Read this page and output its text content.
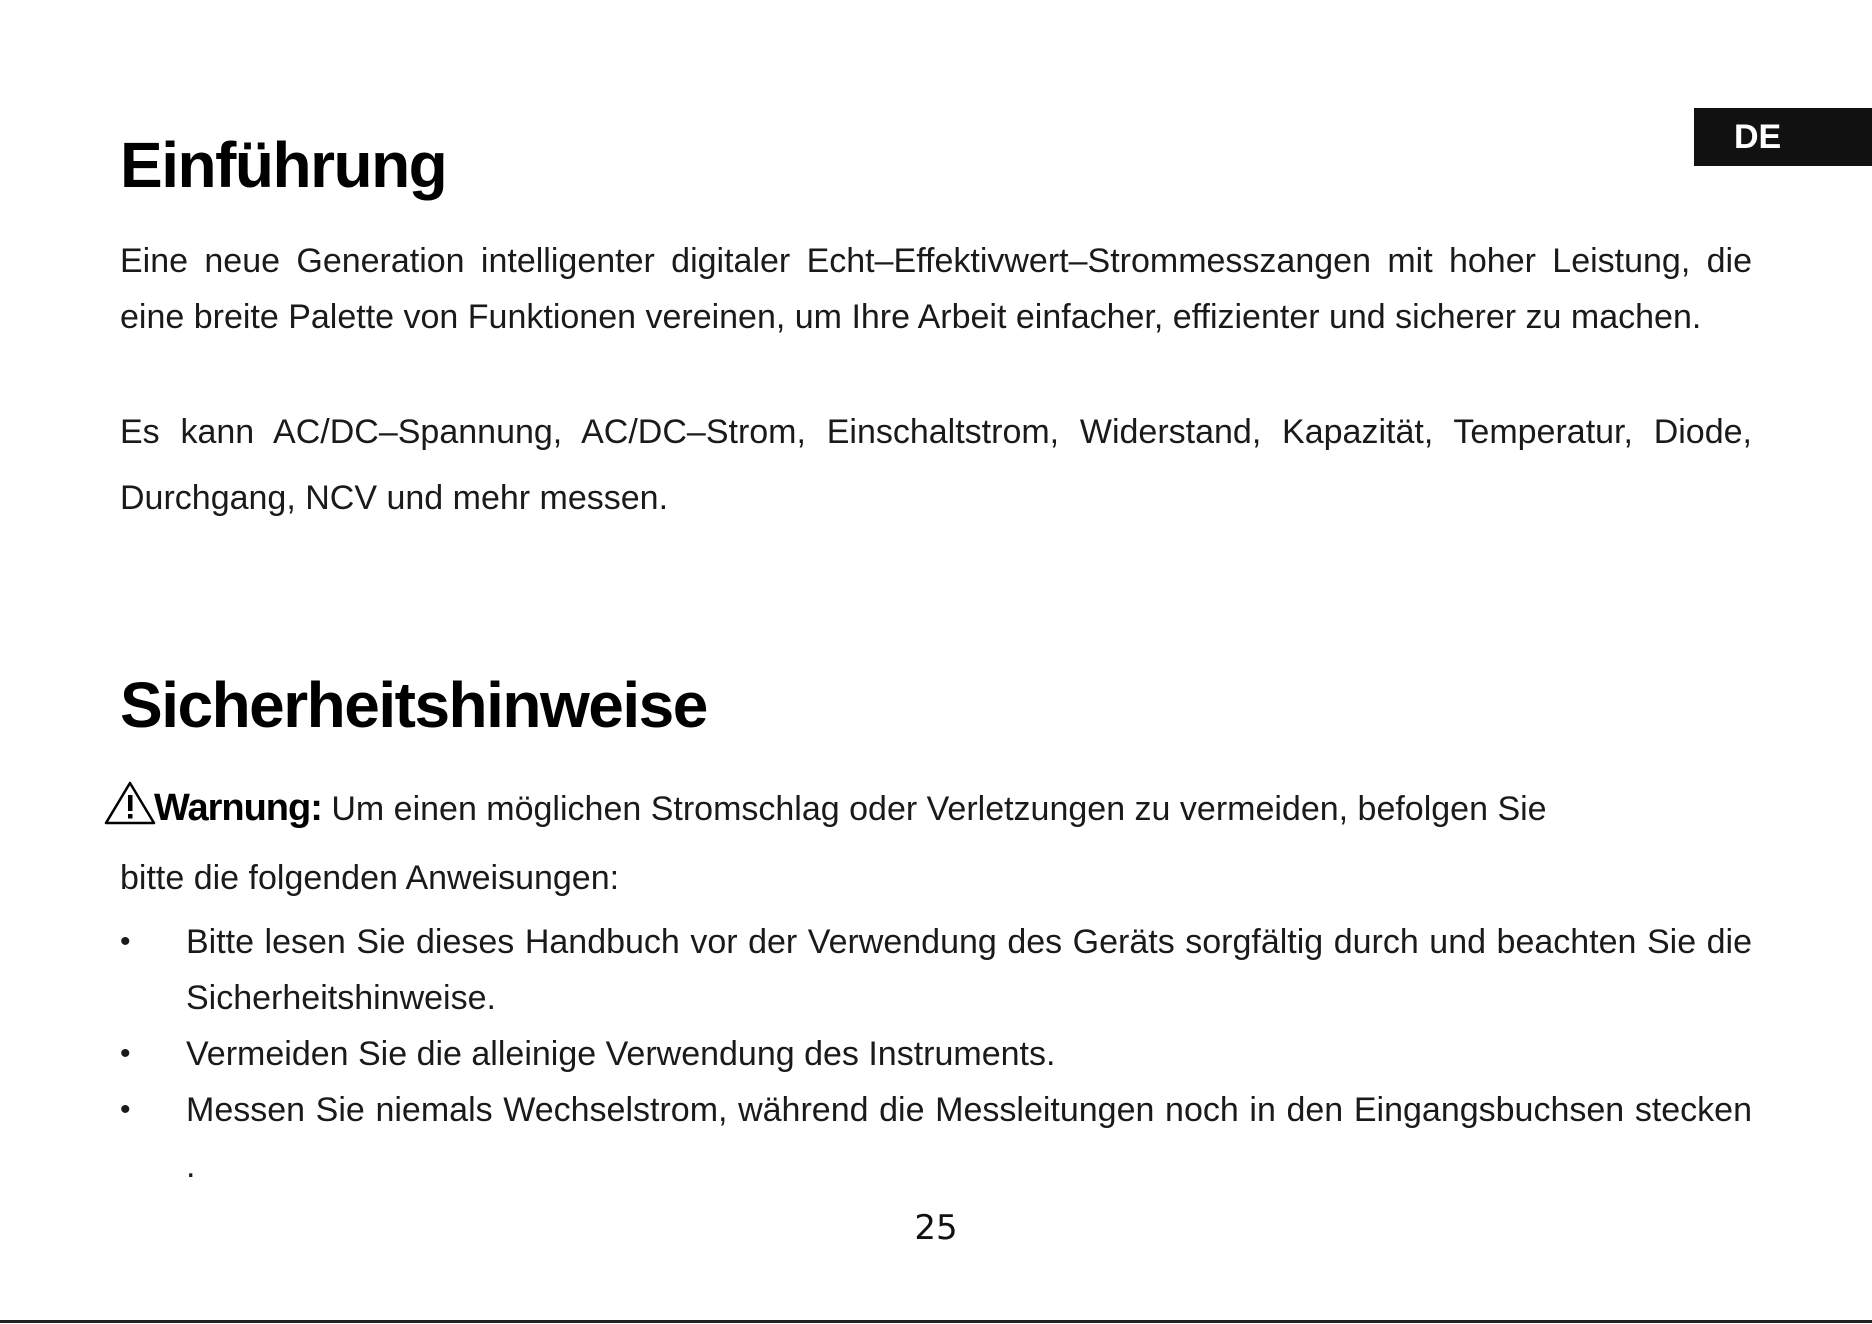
DE
Einführung

Eine neue Generation intelligenter digitaler Echt–Effektivwert–Strommesszangen mit hoher Leistung, die eine breite Palette von Funktionen vereinen, um Ihre Arbeit einfacher, effizienter und sicherer zu machen.

Es kann AC/DC–Spannung, AC/DC–Strom, Einschaltstrom, Widerstand, Kapazität, Temperatur, Diode, Durchgang, NCV und mehr messen.

Sicherheitshinweise

Warnung: Um einen möglichen Stromschlag oder Verletzungen zu vermeiden, befolgen Sie

bitte die folgenden Anweisungen:

• Bitte lesen Sie dieses Handbuch vor der Verwendung des Geräts sorgfältig durch und beachten Sie die Sicherheitshinweise.
• Vermeiden Sie die alleinige Verwendung des Instruments.
• Messen Sie niemals Wechselstrom, während die Messleitungen noch in den Eingangsbuchsen stecken .
25
